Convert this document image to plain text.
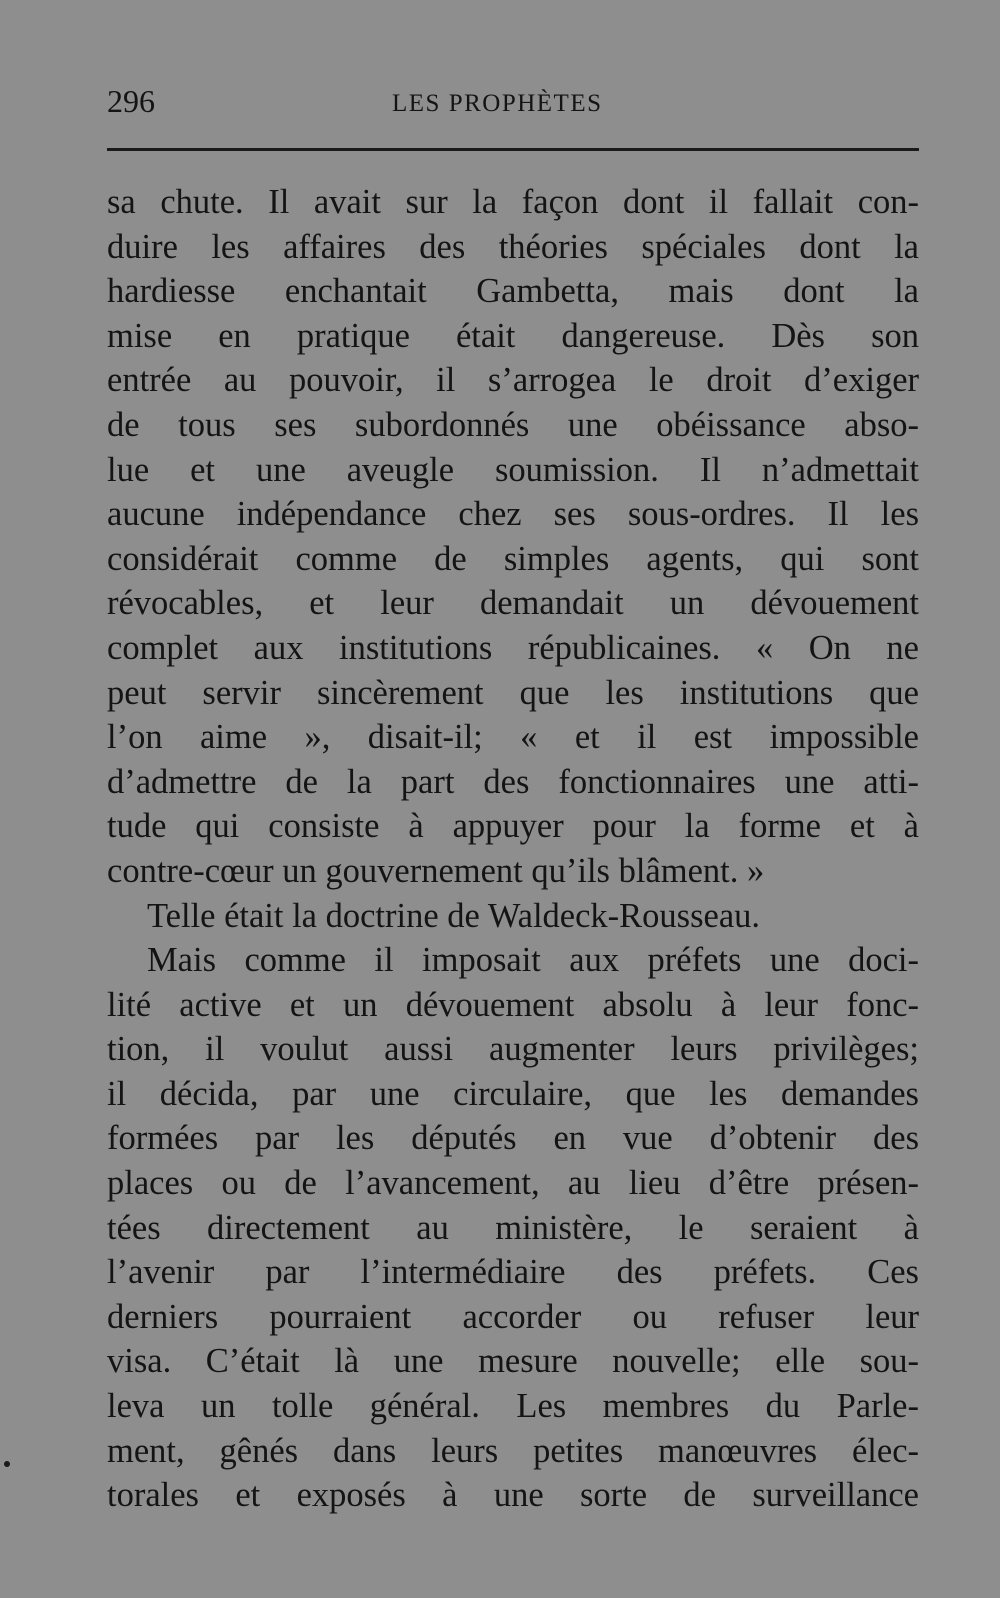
296	LES PROPHÈTES
sa chute. Il avait sur la façon dont il fallait con-
duire les affaires des théories spéciales dont la
hardiesse enchantait Gambetta, mais dont la
mise en pratique était dangereuse. Dès son
entrée au pouvoir, il s’arrogea le droit d’exiger
de tous ses subordonnés une obéissance abso-
lue et une aveugle soumission. Il n’admettait
aucune indépendance chez ses sous-ordres. Il les
considérait comme de simples agents, qui sont
révocables, et leur demandait un dévouement
complet aux institutions républicaines. « On ne
peut servir sincèrement que les institutions que
l’on aime », disait-il; « et il est impossible
d’admettre de la part des fonctionnaires une atti-
tude qui consiste à appuyer pour la forme et à
contre-cœur un gouvernement qu’ils blâment. »
Telle était la doctrine de Waldeck-Rousseau.
Mais comme il imposait aux préfets une doci-
lité active et un dévouement absolu à leur fonc-
tion, il voulut aussi augmenter leurs privilèges;
il décida, par une circulaire, que les demandes
formées par les députés en vue d’obtenir des
places ou de l’avancement, au lieu d’être présen-
tées directement au ministère, le seraient à
l’avenir par l’intermédiaire des préfets. Ces
derniers pourraient accorder ou refuser leur
visa. C’était là une mesure nouvelle; elle sou-
leva un tolle général. Les membres du Parle-
ment, gênés dans leurs petites manœuvres élec-
torales et exposés à une sorte de surveillance
